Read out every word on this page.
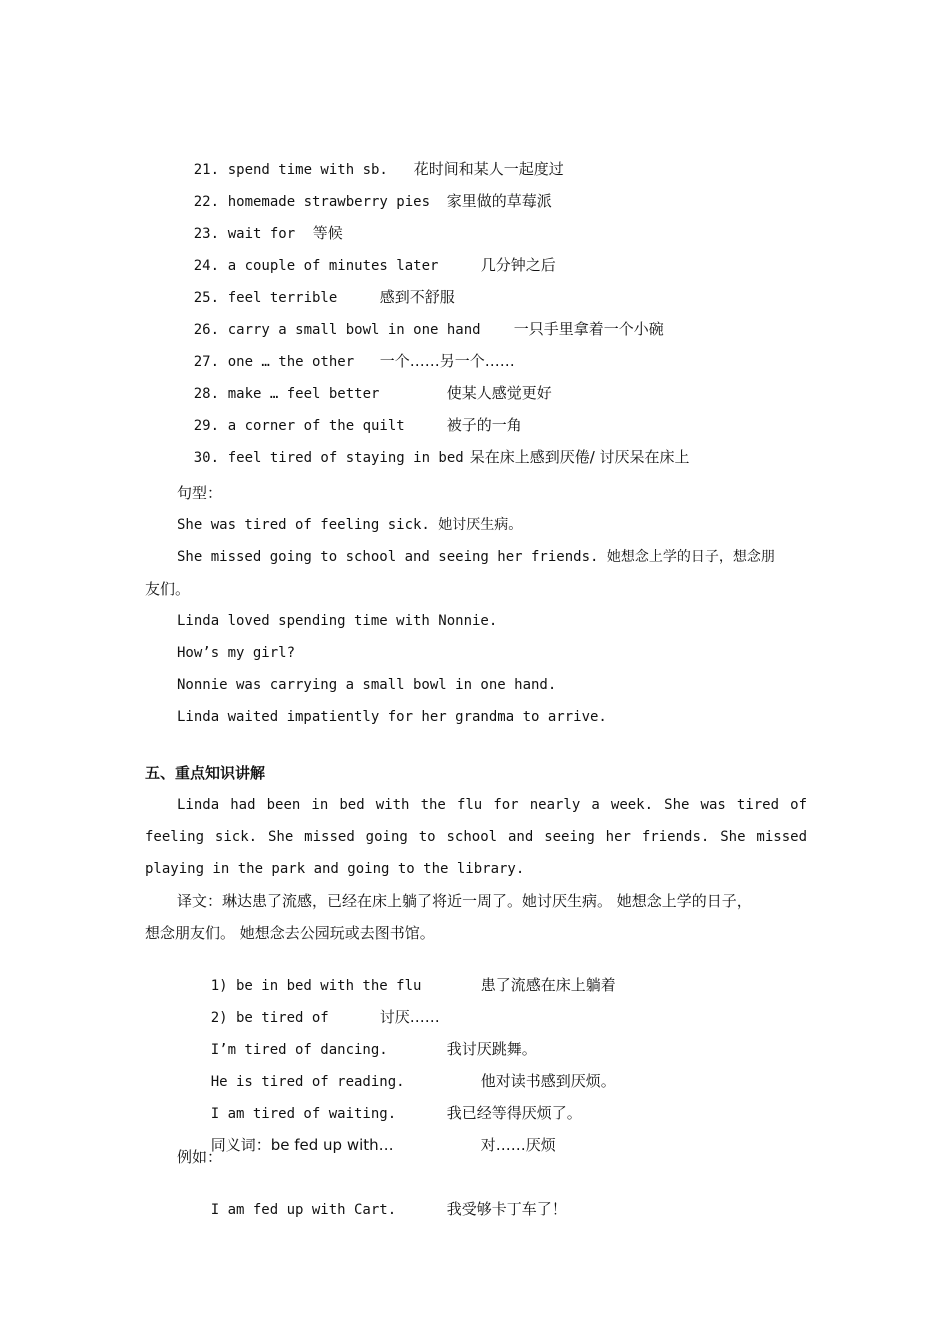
21. spend time with sb. 花时间和某人一起度过

22. homemade strawberry pies 家里做的草莓派

23. wait for 等候

24. a couple of minutes later	几分钟之后

25. feel terrible	感到不舒服

26. carry a small bowl in one hand 一只手里拿着一个小碗

27. one … the other 一个……另一个……

28. make … feel better	使某人感觉更好

29. a corner of the quilt	被子的一角

30. feel tired of staying in bed 呆在床上感到厌倦/ 讨厌呆在床上

句型：
She was tired of feeling sick. 她讨厌生病。
She missed going to school and seeing her friends. 她想念上学的日子，想念朋
友们。
Linda loved spending time with Nonnie.
How’s my girl?
Nonnie was carrying a small bowl in one hand.
Linda waited impatiently for her grandma to arrive.
五、重点知识讲解
Linda had been in bed with the flu for nearly a week. She was tired of
feeling sick. She missed going to school and seeing her friends. She missed
playing in the park and going to the library.
译文：琳达患了流感，已经在床上躺了将近一周了。她讨厌生病。 她想念上学的日子，
想念朋友们。 她想念去公园玩或去图书馆。

1) be in bed with the flu	患了流感在床上躺着

2) be tired of	讨厌……

I’m tired of dancing.	我讨厌跳舞。

He is tired of reading.	他对读书感到厌烦。

I am tired of waiting.	我已经等得厌烦了。

同义词：be fed up with…	对……厌烦

例如：

I am fed up with Cart.	我受够卡丁车了！
